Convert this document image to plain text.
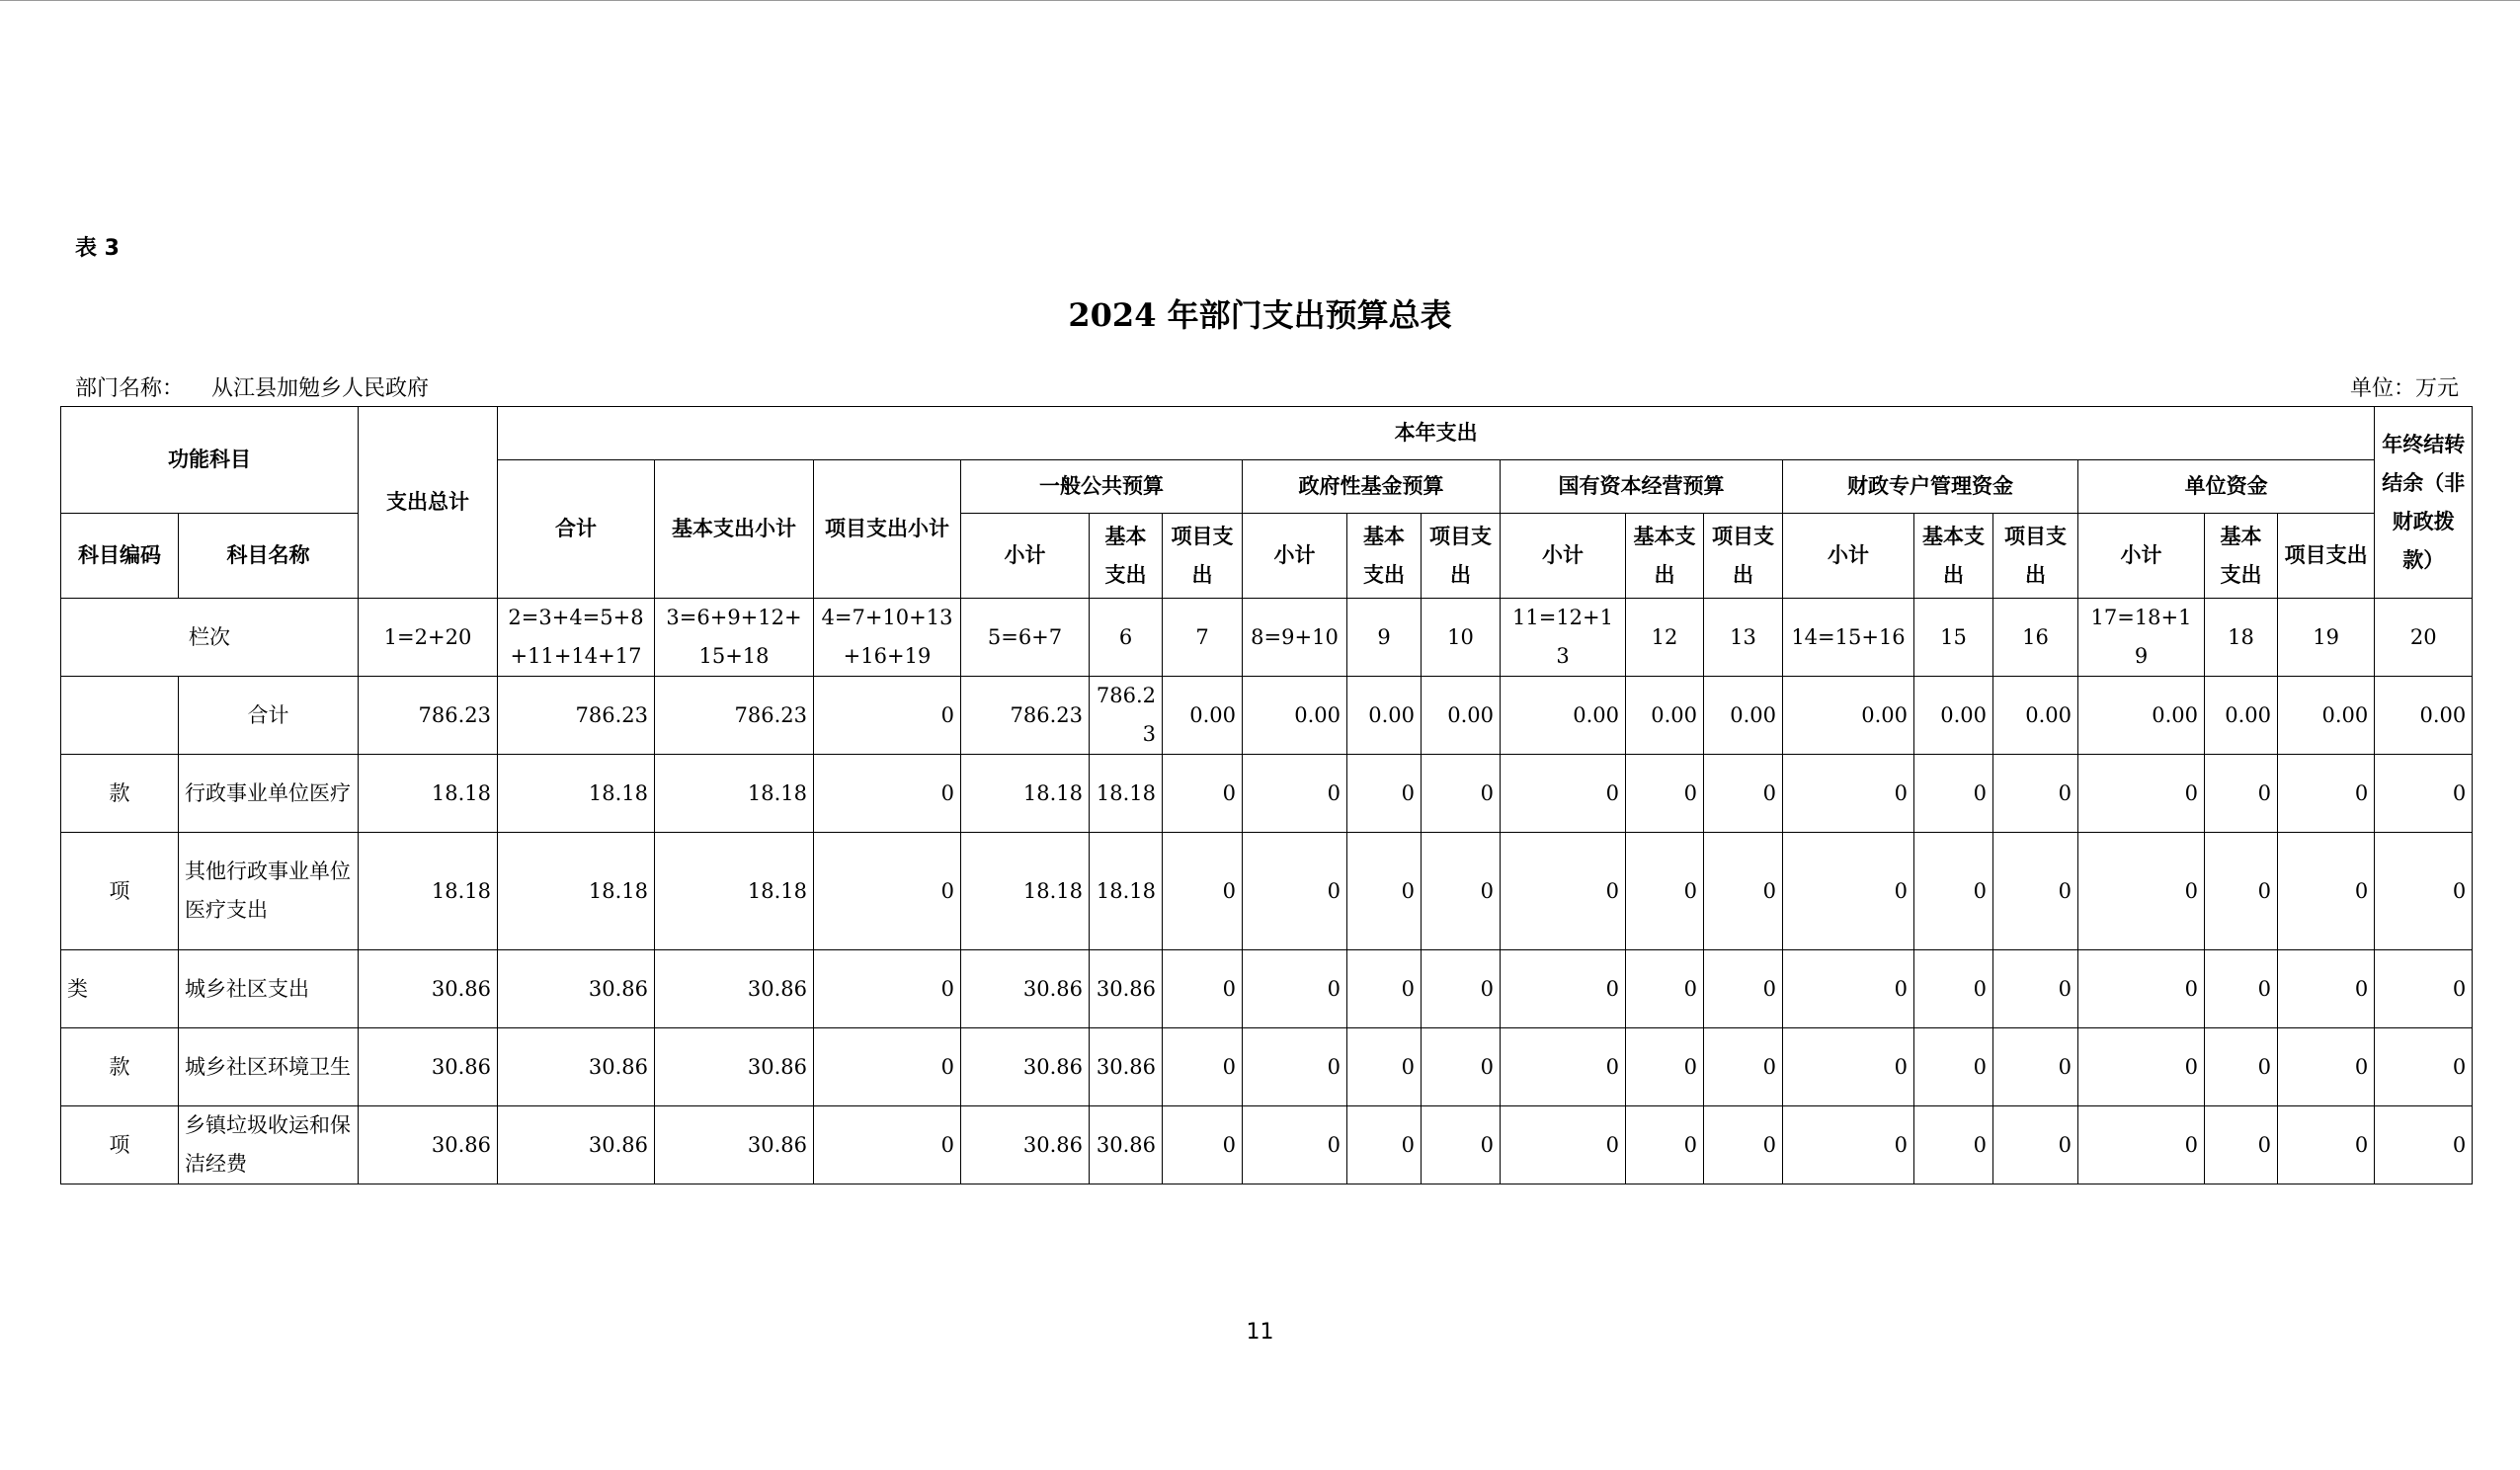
表 3
2024 年部门支出预算总表
部门名称： 从江县加勉乡人民政府	单位：万元
功能科目		支出总计	本年支出																		年终结转结余（非财政拨款）
			合计	基本支出小计	项目支出小计	一般公共预算			政府性基金预算			国有资本经营预算			财政专户管理资金			单位资金			
科目编码	科目名称					小计	基本支出	项目支出	小计	基本支出	项目支出	小计	基本支出	项目支出	小计	基本支出	项目支出	小计	基本支出	项目支出	
栏次		1=2+20	2=3+4=5+8+11+14+17	3=6+9+12+15+18	4=7+10+13+16+19	5=6+7	6	7	8=9+10	9	10	11=12+13	12	13	14=15+16	15	16	17=18+19	18	19	20
	合计	786.23	786.23	786.23	0	786.23	786.23	0.00	0.00	0.00	0.00	0.00	0.00	0.00	0.00	0.00	0.00	0.00	0.00	0.00	0.00
款	行政事业单位医疗	18.18	18.18	18.18	0	18.18	18.18	0	0	0	0	0	0	0	0	0	0	0	0	0	0
项	其他行政事业单位医疗支出	18.18	18.18	18.18	0	18.18	18.18	0	0	0	0	0	0	0	0	0	0	0	0	0	0
类	城乡社区支出	30.86	30.86	30.86	0	30.86	30.86	0	0	0	0	0	0	0	0	0	0	0	0	0	0
款	城乡社区环境卫生	30.86	30.86	30.86	0	30.86	30.86	0	0	0	0	0	0	0	0	0	0	0	0	0	0
项	乡镇垃圾收运和保洁经费	30.86	30.86	30.86	0	30.86	30.86	0	0	0	0	0	0	0	0	0	0	0	0	0	0
11
